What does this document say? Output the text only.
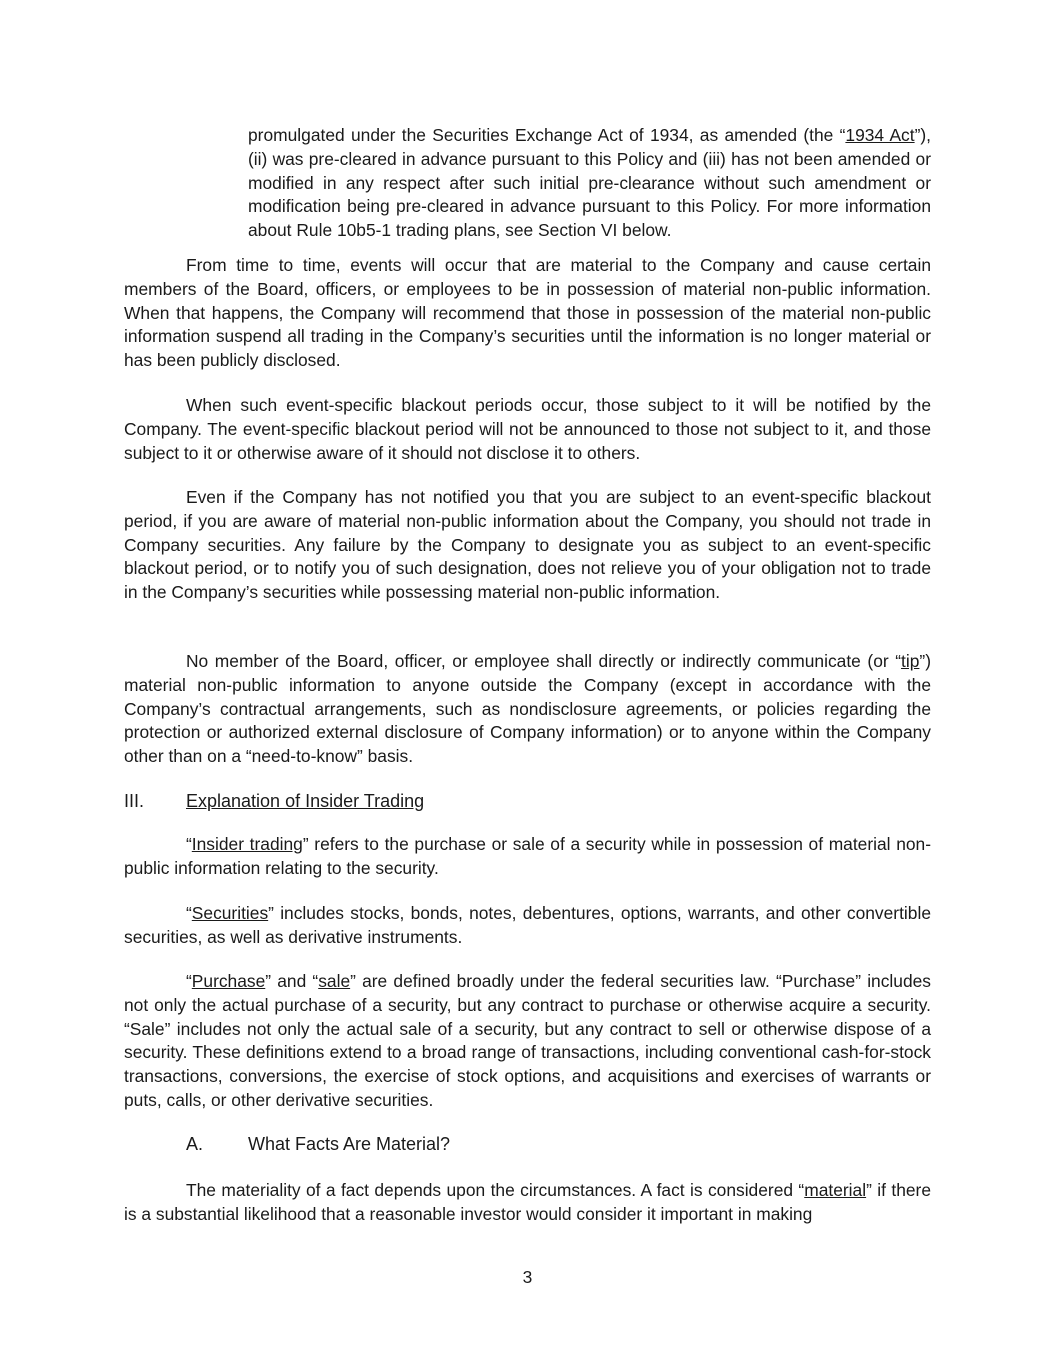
promulgated under the Securities Exchange Act of 1934, as amended (the “1934 Act”), (ii) was pre-cleared in advance pursuant to this Policy and (iii) has not been amended or modified in any respect after such initial pre-clearance without such amendment or modification being pre-cleared in advance pursuant to this Policy. For more information about Rule 10b5-1 trading plans, see Section VI below.

From time to time, events will occur that are material to the Company and cause certain members of the Board, officers, or employees to be in possession of material non-public information. When that happens, the Company will recommend that those in possession of the material non-public information suspend all trading in the Company’s securities until the information is no longer material or has been publicly disclosed.

When such event-specific blackout periods occur, those subject to it will be notified by the Company. The event-specific blackout period will not be announced to those not subject to it, and those subject to it or otherwise aware of it should not disclose it to others.

Even if the Company has not notified you that you are subject to an event-specific blackout period, if you are aware of material non-public information about the Company, you should not trade in Company securities. Any failure by the Company to designate you as subject to an event-specific blackout period, or to notify you of such designation, does not relieve you of your obligation not to trade in the Company’s securities while possessing material non-public information.

No member of the Board, officer, or employee shall directly or indirectly communicate (or “tip”) material non-public information to anyone outside the Company (except in accordance with the Company’s contractual arrangements, such as nondisclosure agreements, or policies regarding the protection or authorized external disclosure of Company information) or to anyone within the Company other than on a “need-to-know” basis.

III. Explanation of Insider Trading

“Insider trading” refers to the purchase or sale of a security while in possession of material non-public information relating to the security.

“Securities” includes stocks, bonds, notes, debentures, options, warrants, and other convertible securities, as well as derivative instruments.

“Purchase” and “sale” are defined broadly under the federal securities law. “Purchase” includes not only the actual purchase of a security, but any contract to purchase or otherwise acquire a security. “Sale” includes not only the actual sale of a security, but any contract to sell or otherwise dispose of a security. These definitions extend to a broad range of transactions, including conventional cash-for-stock transactions, conversions, the exercise of stock options, and acquisitions and exercises of warrants or puts, calls, or other derivative securities.

A. What Facts Are Material?

The materiality of a fact depends upon the circumstances. A fact is considered “material” if there is a substantial likelihood that a reasonable investor would consider it important in making

3
